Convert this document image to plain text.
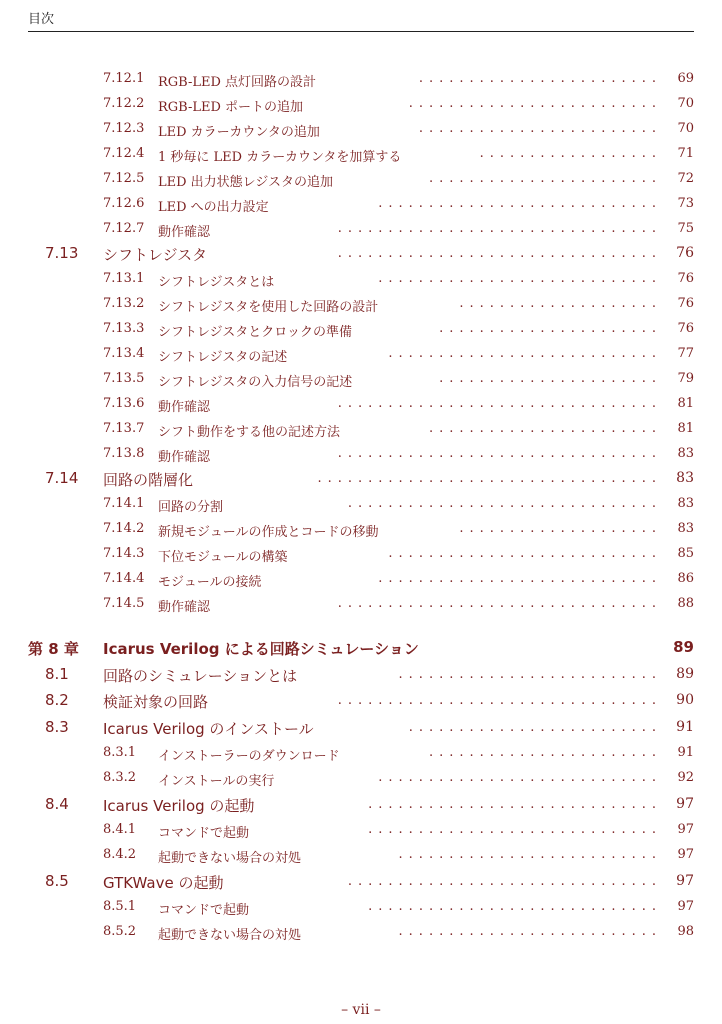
目次
7.12.1 RGB-LED 点灯回路の設計	........................ 69
7.12.2 RGB-LED ポートの追加	......................... 70
7.12.3 LED カラーカウンタの追加	........................ 70
7.12.4 1 秒毎に LED カラーカウンタを加算する	.................. 71
7.12.5 LED 出力状態レジスタの追加	....................... 72
7.12.6 LED への出力設定	............................ 73
7.12.7 動作確認	................................ 75
7.13 シフトレジスタ	................................ 76
7.13.1 シフトレジスタとは	............................ 76
7.13.2 シフトレジスタを使用した回路の設計	.................... 76
7.13.3 シフトレジスタとクロックの準備	...................... 76
7.13.4 シフトレジスタの記述	........................... 77
7.13.5 シフトレジスタの入力信号の記述	...................... 79
7.13.6 動作確認	................................ 81
7.13.7 シフト動作をする他の記述方法	....................... 81
7.13.8 動作確認	................................ 83
7.14 回路の階層化	.................................. 83
7.14.1 回路の分割	............................... 83
7.14.2 新規モジュールの作成とコードの移動	.................... 83
7.14.3 下位モジュールの構築	........................... 85
7.14.4 モジュールの接続	............................ 86
7.14.5 動作確認	................................ 88
第 8 章 Icarus Verilog による回路シミュレーション	89
8.1 回路のシミュレーションとは	.......................... 89
8.2 検証対象の回路	................................ 90
8.3 Icarus Verilog のインストール	......................... 91
8.3.1 インストーラーのダウンロード	....................... 91
8.3.2 インストールの実行	............................ 92
8.4 Icarus Verilog の起動	............................. 97
8.4.1 コマンドで起動	............................. 97
8.4.2 起動できない場合の対処	.......................... 97
8.5 GTKWave の起動	............................... 97
8.5.1 コマンドで起動	............................. 97
8.5.2 起動できない場合の対処	.......................... 98
– vii –
